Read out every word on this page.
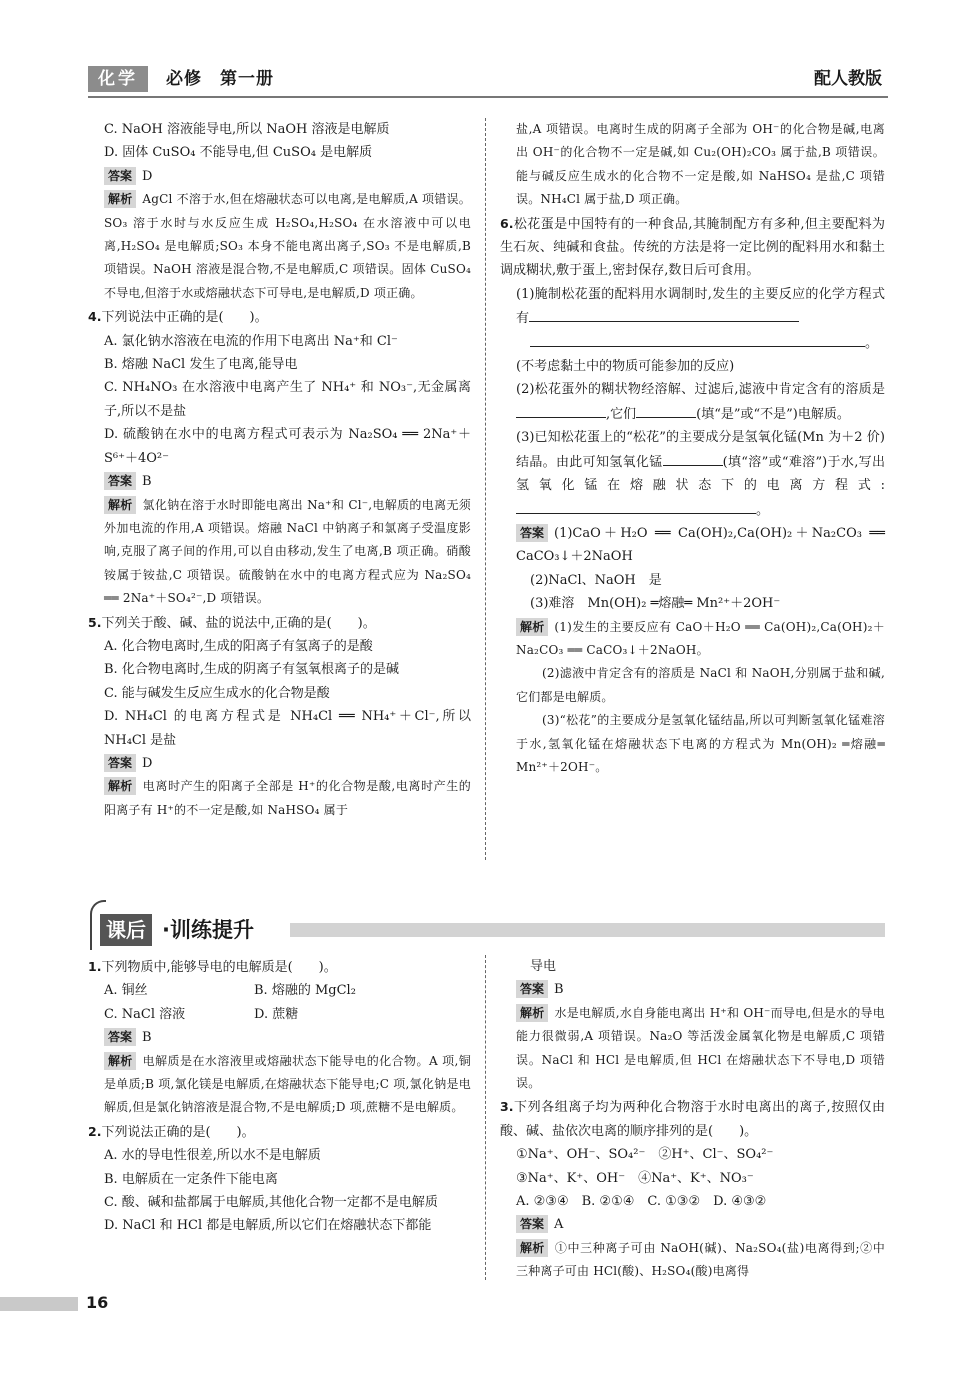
化学	必修　第一册	配人教版

C. NaOH 溶液能导电,所以 NaOH 溶液是电解质

D. 固体 CuSO₄ 不能导电,但 CuSO₄ 是电解质

答案 D

解析 AgCl 不溶于水,但在熔融状态可以电离,是电解质,A 项错误。SO₃ 溶于水时与水反应生成 H₂SO₄,H₂SO₄ 在水溶液中可以电离,H₂SO₄ 是电解质;SO₃ 本身不能电离出离子,SO₃ 不是电解质,B 项错误。NaOH 溶液是混合物,不是电解质,C 项错误。固体 CuSO₄ 不导电,但溶于水或熔融状态下可导电,是电解质,D 项正确。

4.下列说法中正确的是(　　)。

A. 氯化钠水溶液在电流的作用下电离出 Na⁺和 Cl⁻

B. 熔融 NaCl 发生了电离,能导电

C. NH₄NO₃ 在水溶液中电离产生了 NH₄⁺ 和 NO₃⁻,无金属离子,所以不是盐

D. 硫酸钠在水中的电离方程式可表示为 Na₂SO₄ ══ 2Na⁺＋S⁶⁺＋4O²⁻

答案 B

解析 氯化钠在溶于水时即能电离出 Na⁺和 Cl⁻,电解质的电离无须外加电流的作用,A 项错误。熔融 NaCl 中钠离子和氯离子受温度影响,克服了离子间的作用,可以自由移动,发生了电离,B 项正确。硝酸铵属于铵盐,C 项错误。硫酸钠在水中的电离方程式应为 Na₂SO₄ ══ 2Na⁺＋SO₄²⁻,D 项错误。

5.下列关于酸、碱、盐的说法中,正确的是(　　)。

A. 化合物电离时,生成的阳离子有氢离子的是酸

B. 化合物电离时,生成的阴离子有氢氧根离子的是碱

C. 能与碱发生反应生成水的化合物是酸

D. NH₄Cl 的电离方程式是 NH₄Cl ══ NH₄⁺＋Cl⁻,所以 NH₄Cl 是盐

答案 D

解析 电离时产生的阳离子全部是 H⁺的化合物是酸,电离时产生的阳离子有 H⁺的不一定是酸,如 NaHSO₄ 属于

盐,A 项错误。电离时生成的阴离子全部为 OH⁻的化合物是碱,电离出 OH⁻的化合物不一定是碱,如 Cu₂(OH)₂CO₃ 属于盐,B 项错误。能与碱反应生成水的化合物不一定是酸,如 NaHSO₄ 是盐,C 项错误。NH₄Cl 属于盐,D 项正确。

6.松花蛋是中国特有的一种食品,其腌制配方有多种,但主要配料为生石灰、纯碱和食盐。传统的方法是将一定比例的配料用水和黏土调成糊状,敷于蛋上,密封保存,数日后可食用。

(1)腌制松花蛋的配料用水调制时,发生的主要反应的化学方程式有

。

(不考虑黏土中的物质可能参加的反应)

(2)松花蛋外的糊状物经溶解、过滤后,滤液中肯定含有的溶质是,它们	(填“是”或“不是”)电解质。

(3)已知松花蛋上的“松花”的主要成分是氢氧化锰(Mn 为＋2 价)结晶。由此可知氢氧化锰	(填“溶”或“难溶”)于水,写出氢氧化锰在熔融状态下的电离方程式:。

答案 (1)CaO＋H₂O ══ Ca(OH)₂,Ca(OH)₂＋Na₂CO₃ ══ CaCO₃↓＋2NaOH

(2)NaCl、NaOH　是

(3)难溶　Mn(OH)₂ ═熔融═ Mn²⁺＋2OH⁻

解析 (1)发生的主要反应有 CaO＋H₂O ══ Ca(OH)₂,Ca(OH)₂＋Na₂CO₃ ══ CaCO₃↓＋2NaOH。

(2)滤液中肯定含有的溶质是 NaCl 和 NaOH,分别属于盐和碱,它们都是电解质。

(3)“松花”的主要成分是氢氧化锰结晶,所以可判断氢氧化锰难溶于水,氢氧化锰在熔融状态下电离的方程式为 Mn(OH)₂ ═熔融═ Mn²⁺＋2OH⁻。

课后 ·训练提升

1.下列物质中,能够导电的电解质是(　　)。

A. 铜丝	B. 熔融的 MgCl₂
C. NaCl 溶液	D. 蔗糖

答案 B

解析 电解质是在水溶液里或熔融状态下能导电的化合物。A 项,铜是单质;B 项,氯化镁是电解质,在熔融状态下能导电;C 项,氯化钠是电解质,但是氯化钠溶液是混合物,不是电解质;D 项,蔗糖不是电解质。

2.下列说法正确的是(　　)。

A. 水的导电性很差,所以水不是电解质

B. 电解质在一定条件下能电离

C. 酸、碱和盐都属于电解质,其他化合物一定都不是电解质

D. NaCl 和 HCl 都是电解质,所以它们在熔融状态下都能

导电

答案 B

解析 水是电解质,水自身能电离出 H⁺和 OH⁻而导电,但是水的导电能力很微弱,A 项错误。Na₂O 等活泼金属氧化物是电解质,C 项错误。NaCl 和 HCl 是电解质,但 HCl 在熔融状态下不导电,D 项错误。

3.下列各组离子均为两种化合物溶于水时电离出的离子,按照仅由酸、碱、盐依次电离的顺序排列的是(　　)。

①Na⁺、OH⁻、SO₄²⁻　②H⁺、Cl⁻、SO₄²⁻

③Na⁺、K⁺、OH⁻　④Na⁺、K⁺、NO₃⁻

A. ②③④　B. ②①④　C. ①③②　D. ④③②

答案 A

解析 ①中三种离子可由 NaOH(碱)、Na₂SO₄(盐)电离得到;②中三种离子可由 HCl(酸)、H₂SO₄(酸)电离得

16
